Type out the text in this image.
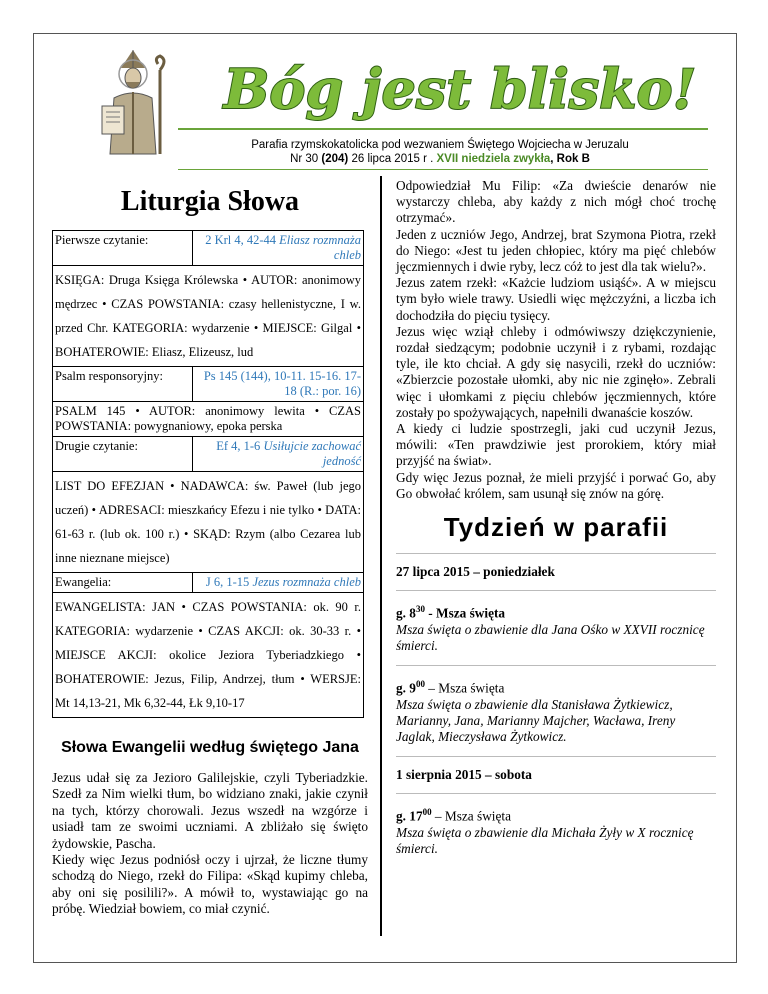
Bóg jest blisko!
Parafia rzymskokatolicka pod wezwaniem Świętego Wojciecha w Jeruzalu
Nr 30 (204) 26 lipca 2015 r . XVII niedziela zwykła, Rok B
Liturgia Słowa
Pierwsze czytanie:	2 Krl 4, 42-44 Eliasz rozmnaża chleb
KSIĘGA: Druga Księga Królewska • AUTOR: anonimowy mędrzec • CZAS POWSTANIA: czasy hellenistyczne, I w. przed Chr. KATEGORIA: wydarzenie • MIEJSCE: Gilgal • BOHATEROWIE: Eliasz, Elizeusz, lud	
Psalm responsoryjny:	Ps 145 (144), 10-11. 15-16. 17-18 (R.: por. 16)
PSALM 145 • AUTOR: anonimowy lewita • CZAS POWSTANIA: powygnaniowy, epoka perska	
Drugie czytanie:	Ef 4, 1-6 Usiłujcie zachować jedność
LIST DO EFEZJAN • NADAWCA: św. Paweł (lub jego uczeń) • ADRESACI: mieszkańcy Efezu i nie tylko • DATA: 61-63 r. (lub ok. 100 r.) • SKĄD: Rzym (albo Cezarea lub inne nieznane miejsce)	
Ewangelia:	J 6, 1-15 Jezus rozmnaża chleb
EWANGELISTA: JAN • CZAS POWSTANIA: ok. 90 r. KATEGORIA: wydarzenie • CZAS AKCJI: ok. 30-33 r. • MIEJSCE AKCJI: okolice Jeziora Tyberiadzkiego • BOHATEROWIE: Jezus, Filip, Andrzej, tłum • WERSJE: Mt 14,13-21, Mk 6,32-44, Łk 9,10-17	
Słowa Ewangelii według świętego Jana

Jezus udał się za Jezioro Galilejskie, czyli Tyberiadzkie. Szedł za Nim wielki tłum, bo widziano znaki, jakie czynił na tych, którzy chorowali. Jezus wszedł na wzgórze i usiadł tam ze swoimi uczniami. A zbliżało się święto żydowskie, Pascha.

Kiedy więc Jezus podniósł oczy i ujrzał, że liczne tłumy schodzą do Niego, rzekł do Filipa: «Skąd kupimy chleba, aby oni się posilili?». A mówił to, wystawiając go na próbę. Wiedział bowiem, co miał czynić.

Odpowiedział Mu Filip: «Za dwieście denarów nie wystarczy chleba, aby każdy z nich mógł choć trochę otrzymać».

Jeden z uczniów Jego, Andrzej, brat Szymona Piotra, rzekł do Niego: «Jest tu jeden chłopiec, który ma pięć chlebów jęczmiennych i dwie ryby, lecz cóż to jest dla tak wielu?».

Jezus zatem rzekł: «Każcie ludziom usiąść». A w miejscu tym było wiele trawy. Usiedli więc mężczyźni, a liczba ich dochodziła do pięciu tysięcy.

Jezus więc wziął chleby i odmówiwszy dziękczynienie, rozdał siedzącym; podobnie uczynił i z rybami, rozdając tyle, ile kto chciał. A gdy się nasycili, rzekł do uczniów: «Zbierzcie pozostałe ułomki, aby nic nie zginęło». Zebrali więc i ułomkami z pięciu chlebów jęczmiennych, które zostały po spożywających, napełnili dwanaście koszów.

A kiedy ci ludzie spostrzegli, jaki cud uczynił Jezus, mówili: «Ten prawdziwie jest prorokiem, który miał przyjść na świat».

Gdy więc Jezus poznał, że mieli przyjść i porwać Go, aby Go obwołać królem, sam usunął się znów na górę.

Tydzień w parafii
27 lipca 2015 – poniedziałek
g. $8^{30}$ - Msza święta
Msza święta o zbawienie dla Jana Ośko w XXVII rocznicę śmierci.
g. $9^{00}$ – Msza święta
Msza święta o zbawienie dla Stanisława Żytkiewicz, Marianny, Jana, Marianny Majcher, Wacława, Ireny Jaglak, Mieczysława Żytkowicz.
1 sierpnia 2015 – sobota
g. $17^{00}$ – Msza święta
Msza święta o zbawienie dla Michała Żyły w X rocznicę śmierci.
